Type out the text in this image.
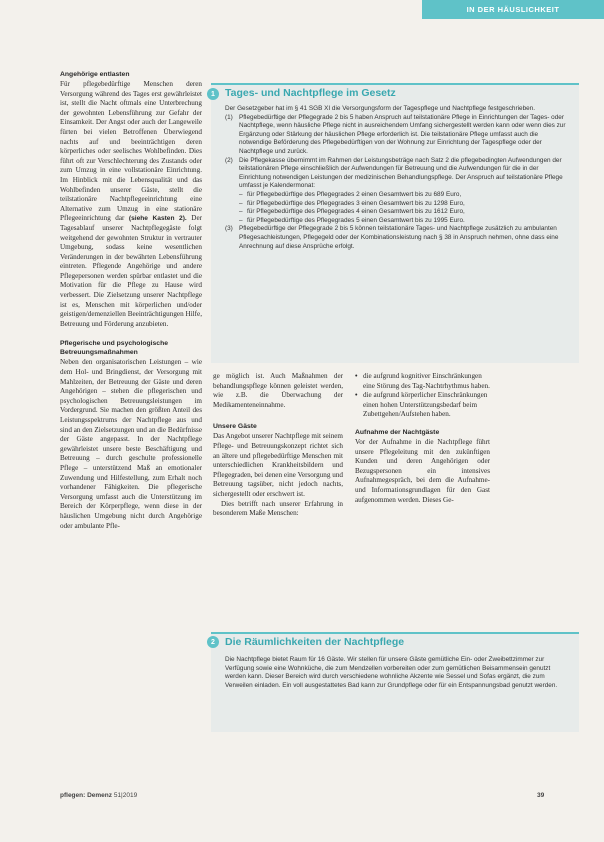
IN DER HÄUSLICHKEIT
Angehörige entlasten

Für pflegebedürftige Menschen deren Versorgung während des Tages erst gewährleistet ist, stellt die Nacht oftmals eine Unterbrechung der gewohnten Lebensführung zur Gefahr der Einsamkeit. Der Angst oder auch der Langeweile fürten bei vielen Betroffenen Überwiegend nachts auf und beeinträchtigen deren körperliches oder seelisches Wohlbefinden. Dies führt oft zur Verschlechterung des Zustands oder zum Umzug in eine vollstationäre Einrichtung. Im Hinblick mit die Lebensqualität und das Wohlbefinden unserer Gäste, stellt die teilstationäre Nachtpflegeeinrichtung eine Alternative zum Umzug in eine stationäre Pflegeeinrichtung dar (siehe Kasten 2). Der Tagesablauf unserer Nachtpflegegäste folgt weitgehend der gewohnten Struktur in vertrauter Umgebung, sodass keine wesentlichen Veränderungen in der bewährten Lebensführung eintreten. Pflegende Angehörige und andere Pflegepersonen werden spürbar entlastet und die Motivation für die Pflege zu Hause wird verbessert. Die Zielsetzung unserer Nachtpflege ist es, Menschen mit körperlichen und/oder geistigen/demenziellen Beeinträchtigungen Hilfe, Betreuung und Förderung anzubieten.

Pflegerische und psychologische Betreuungsmaßnahmen

Neben den organisatorischen Leistungen – wie dem Hol- und Bringdienst, der Versorgung mit Mahlzeiten, der Betreuung der Gäste und deren Angehörigen – stehen die pflegerischen und psychologischen Betreuungsleistungen im Vordergrund. Sie machen den größten Anteil des Leistungsspektrums der Nachtpflege aus und sind an den Zielsetzungen und an die Bedürfnisse der Gäste angepasst. In der Nachtpflege gewährleistet unsere beste Beschäftigung und Betreuung – durch geschulte professionelle Pflege – unterstützend Maß an emotionaler Zuwendung und Hilfestellung, zum Erhalt noch vorhandener Fähigkeiten. Die pflegerische Versorgung umfasst auch die Unterstützung im Bereich der Körperpflege, wenn diese in der häuslichen Umgebung nicht durch Angehörige oder ambulante Pfle-

1 Tages- und Nachtpflege im Gesetz

Der Gesetzgeber hat im § 41 SGB XI die Versorgungsform der Tagespflege und Nachtpflege festgeschrieben.

(1) Pflegebedürftige der Pflegegrade 2 bis 5 haben Anspruch auf teilstationäre Pflege in Einrichtungen der Tages- oder Nachtpflege, wenn häusliche Pflege nicht in ausreichendem Umfang sichergestellt werden kann oder wenn dies zur Ergänzung oder Stärkung der häuslichen Pflege erforderlich ist. Die teilstationäre Pflege umfasst auch die notwendige Beförderung des Pflegebedürftigen von der Wohnung zur Einrichtung der Tagespflege oder der Nachtpflege und zurück.
(2) Die Pflegekasse übernimmt im Rahmen der Leistungsbeträge nach Satz 2 die pflegebedingten Aufwendungen der teilstationären Pflege einschließlich der Aufwendungen für Betreuung und die Aufwendungen für die in der Einrichtung notwendigen Leistungen der medizinischen Behandlungspflege. Der Anspruch auf teilstationäre Pflege umfasst je Kalendermonat:
– für Pflegebedürftige des Pflegegrades 2 einen Gesamtwert bis zu 689 Euro,
– für Pflegebedürftige des Pflegegrades 3 einen Gesamtwert bis zu 1298 Euro,
– für Pflegebedürftige des Pflegegrades 4 einen Gesamtwert bis zu 1612 Euro,
– für Pflegebedürftige des Pflegegrades 5 einen Gesamtwert bis zu 1995 Euro.
(3) Pflegebedürftige der Pflegegrade 2 bis 5 können teilstationäre Tages- und Nachtpflege zusätzlich zu ambulanten Pflegesachleistungen, Pflegegeld oder der Kombinationsleistung nach § 38 in Anspruch nehmen, ohne dass eine Anrechnung auf diese Ansprüche erfolgt.

ge möglich ist. Auch Maßnahmen der behandlungspflege können geleistet werden, wie z.B. die Überwachung der Medikamenteneinnahme.

Unsere Gäste

Das Angebot unserer Nachtpflege mit seinem Pflege- und Betreuungskonzept richtet sich an ältere und pflegebedürftige Menschen mit unterschiedlichen Krankheitsbildern und Pflegegraden, bei denen eine Versorgung und Betreuung tagsüber, nicht jedoch nachts, sichergestellt oder erschwert ist.

Dies betrifft nach unserer Erfahrung in besonderem Maße Menschen:

• die aufgrund kognitiver Einschränkungen eine Störung des Tag-Nachtrhythmus haben.
• die aufgrund körperlicher Einschränkungen einen hohen Unterstützungsbedarf beim Zubettgehen/Aufstehen haben.
Aufnahme der Nachtgäste

Vor der Aufnahme in die Nachtpflege führt unsere Pflegeleitung mit den zukünftigen Kunden und deren Angehörigen oder Bezugspersonen ein intensives Aufnahmegespräch, bei dem die Aufnahme- und Informationsgrundlagen für den Gast aufgenommen werden. Dieses Ge-

2 Die Räumlichkeiten der Nachtpflege

Die Nachtpflege bietet Raum für 16 Gäste. Wir stellen für unsere Gäste gemütliche Ein- oder Zweibettzimmer zur Verfügung sowie eine Wohnküche, die zum Mendzellen vorbereiten oder zum gemütlichen Beisammensein genutzt werden kann. Dieser Bereich wird durch verschiedene wohnliche Akzente wie Sessel und Sofas ergänzt, die zum Verweilen einladen. Ein voll ausgestattetes Bad kann zur Grundpflege oder für ein Entspannungsbad genutzt werden.

pflegen: Demenz 51|2019	39
